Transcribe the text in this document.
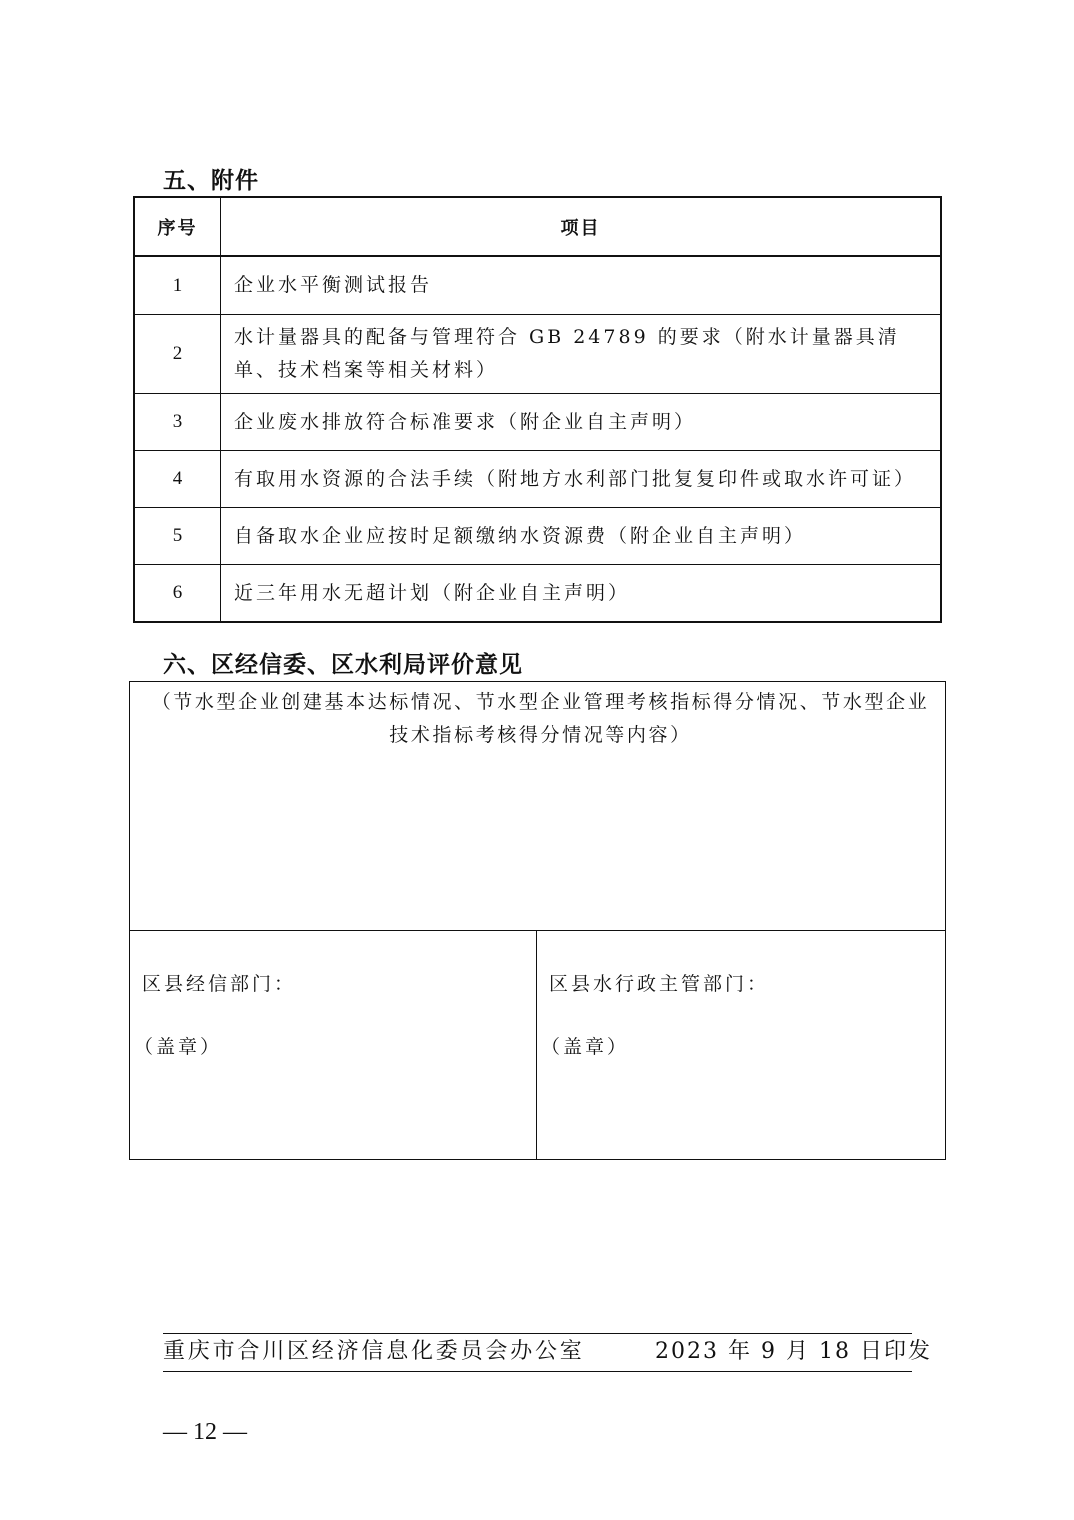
五、附件
序号	项目
1	企业水平衡测试报告
2	水计量器具的配备与管理符合 GB 24789 的要求（附水计量器具清单、技术档案等相关材料）
3	企业废水排放符合标准要求（附企业自主声明）
4	有取用水资源的合法手续（附地方水利部门批复复印件或取水许可证）
5	自备取水企业应按时足额缴纳水资源费（附企业自主声明）
6	近三年用水无超计划（附企业自主声明）
六、区经信委、区水利局评价意见
（节水型企业创建基本达标情况、节水型企业管理考核指标得分情况、节水型企业技术指标考核得分情况等内容）
区县经信部门：
（盖章）
区县水行政主管部门：
（盖章）
重庆市合川区经济信息化委员会办公室	2023 年 9 月 18 日印发
— 12 —
